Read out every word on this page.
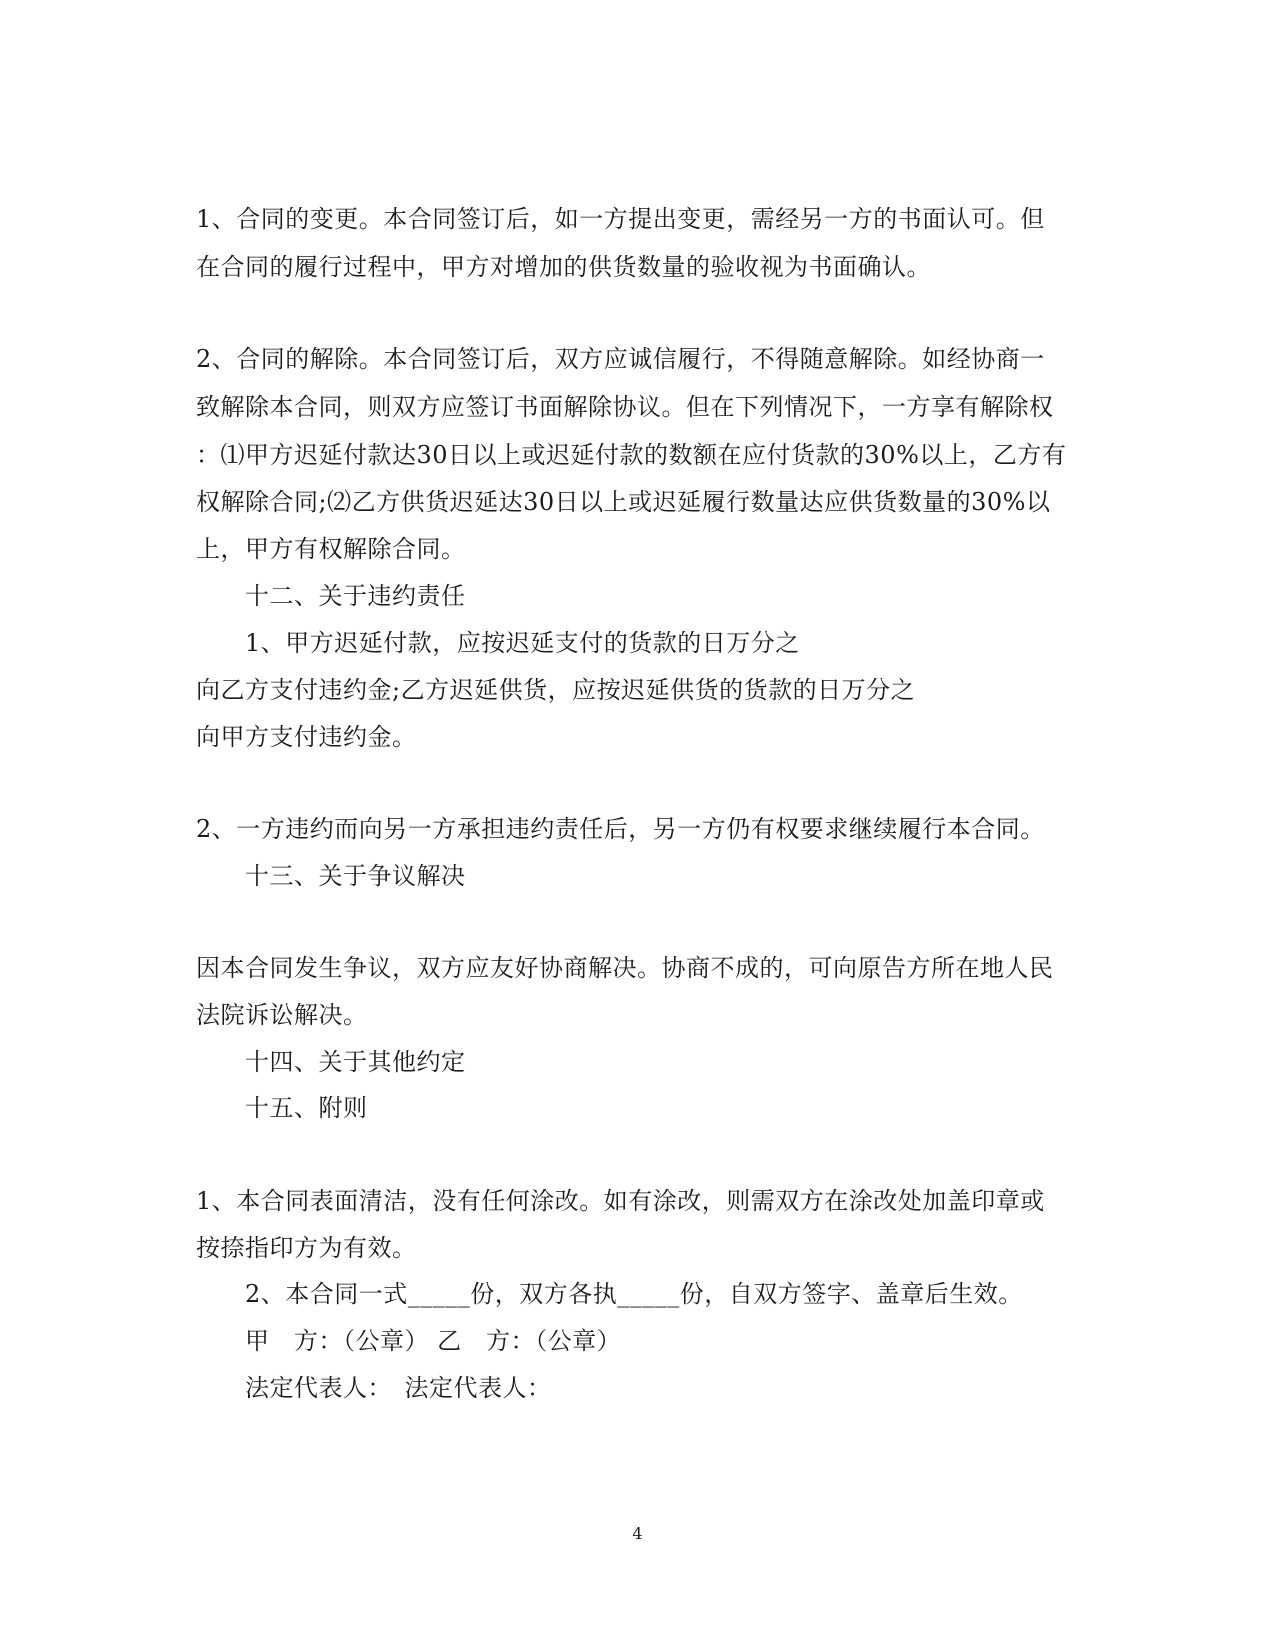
1、合同的变更。本合同签订后，如一方提出变更，需经另一方的书面认可。但
在合同的履行过程中，甲方对增加的供货数量的验收视为书面确认。
2、合同的解除。本合同签订后，双方应诚信履行，不得随意解除。如经协商一
致解除本合同，则双方应签订书面解除协议。但在下列情况下，一方享有解除权
：⑴甲方迟延付款达30日以上或迟延付款的数额在应付货款的30%以上，乙方有
权解除合同;⑵乙方供货迟延达30日以上或迟延履行数量达应供货数量的30%以
上，甲方有权解除合同。
十二、关于违约责任
1、甲方迟延付款，应按迟延支付的货款的日万分之
向乙方支付违约金;乙方迟延供货，应按迟延供货的货款的日万分之
向甲方支付违约金。
2、一方违约而向另一方承担违约责任后，另一方仍有权要求继续履行本合同。
十三、关于争议解决
因本合同发生争议，双方应友好协商解决。协商不成的，可向原告方所在地人民
法院诉讼解决。
十四、关于其他约定
十五、附则
1、本合同表面清洁，没有任何涂改。如有涂改，则需双方在涂改处加盖印章或
按捺指印方为有效。
2、本合同一式_____份，双方各执_____份，自双方签字、盖章后生效。
甲　方：（公章） 乙　方：（公章）
法定代表人：　法定代表人：
4
